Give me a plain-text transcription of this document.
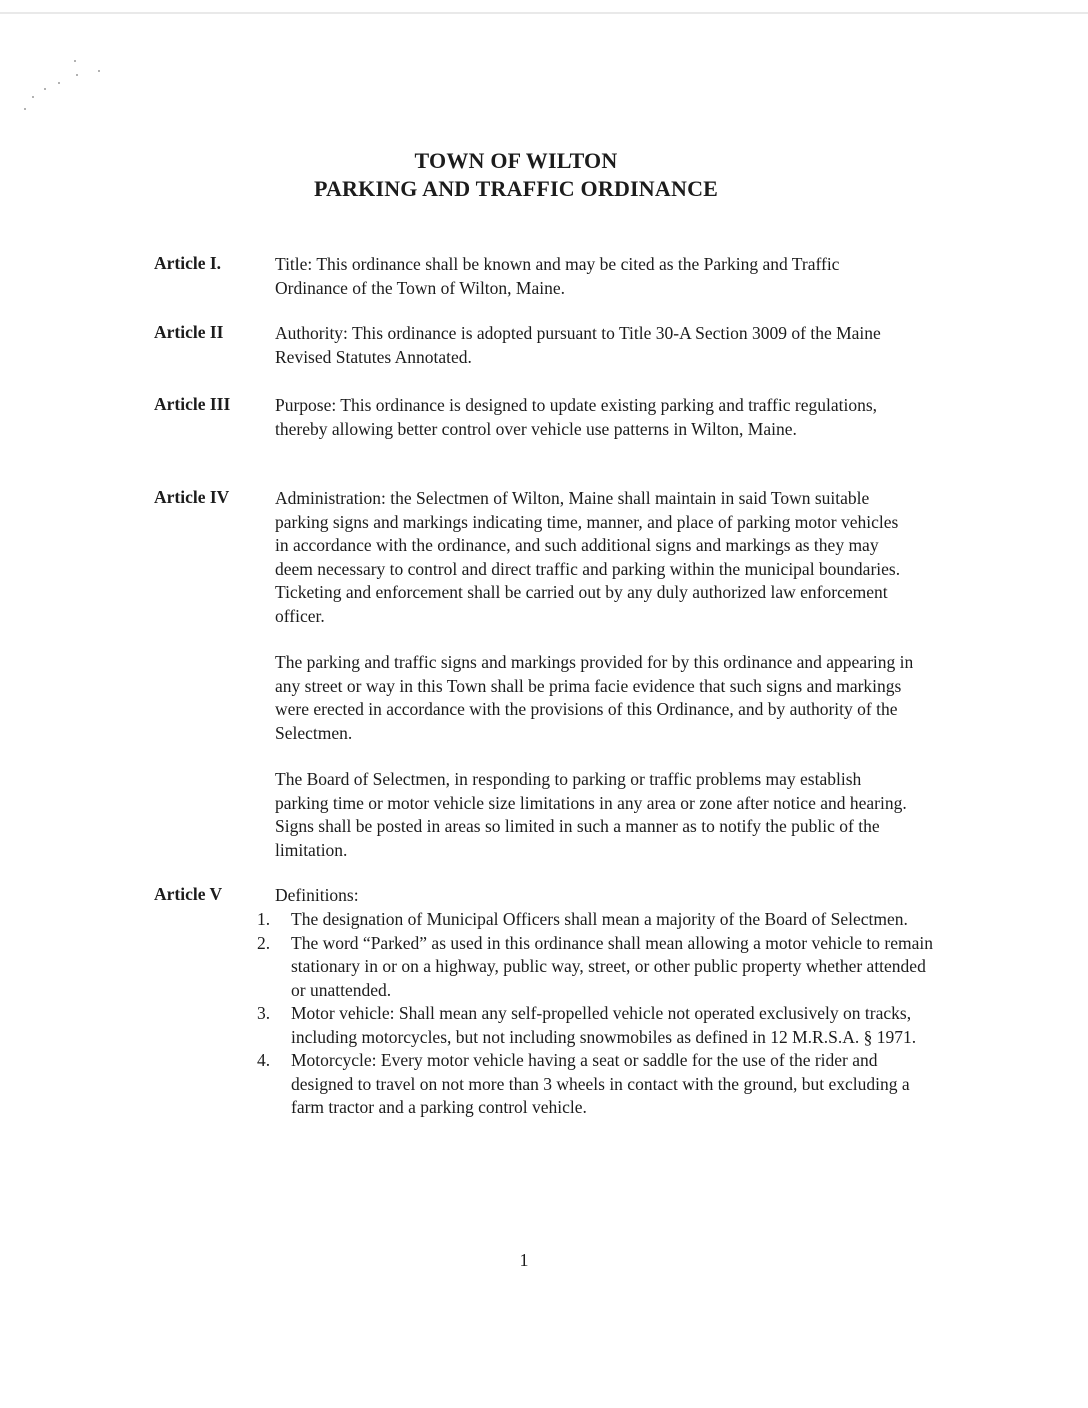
TOWN OF WILTON
PARKING AND TRAFFIC ORDINANCE
Article I.	Title: This ordinance shall be known and may be cited as the Parking and Traffic Ordinance of the Town of Wilton, Maine.
Article II	Authority: This ordinance is adopted pursuant to Title 30-A Section 3009 of the Maine Revised Statutes Annotated.
Article III	Purpose: This ordinance is designed to update existing parking and traffic regulations, thereby allowing better control over vehicle use patterns in Wilton, Maine.
Article IV	Administration: the Selectmen of Wilton, Maine shall maintain in said Town suitable parking signs and markings indicating time, manner, and place of parking motor vehicles in accordance with the ordinance, and such additional signs and markings as they may deem necessary to control and direct traffic and parking within the municipal boundaries. Ticketing and enforcement shall be carried out by any duly authorized law enforcement officer.
The parking and traffic signs and markings provided for by this ordinance and appearing in any street or way in this Town shall be prima facie evidence that such signs and markings were erected in accordance with the provisions of this Ordinance, and by authority of the Selectmen.
The Board of Selectmen, in responding to parking or traffic problems may establish parking time or motor vehicle size limitations in any area or zone after notice and hearing. Signs shall be posted in areas so limited in such a manner as to notify the public of the limitation.
Article V	Definitions:
1. The designation of Municipal Officers shall mean a majority of the Board of Selectmen.
2. The word “Parked” as used in this ordinance shall mean allowing a motor vehicle to remain stationary in or on a highway, public way, street, or other public property whether attended or unattended.
3. Motor vehicle: Shall mean any self-propelled vehicle not operated exclusively on tracks, including motorcycles, but not including snowmobiles as defined in 12 M.R.S.A. § 1971.
4. Motorcycle: Every motor vehicle having a seat or saddle for the use of the rider and designed to travel on not more than 3 wheels in contact with the ground, but excluding a farm tractor and a parking control vehicle.
1
